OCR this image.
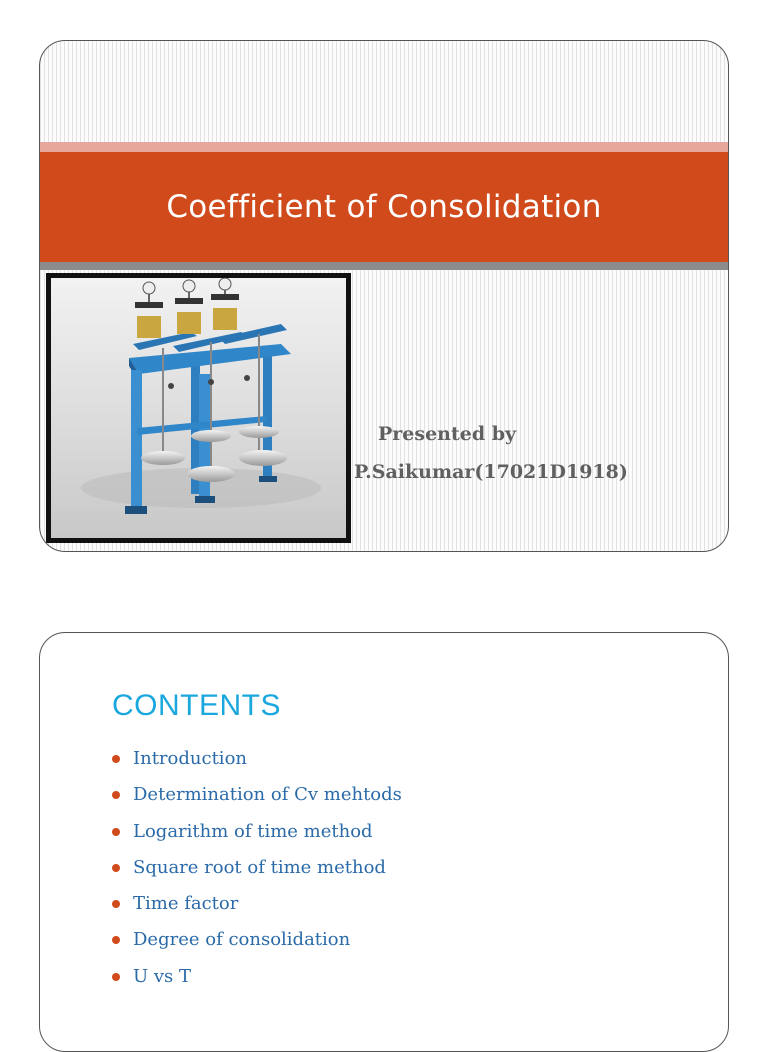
Coefficient of Consolidation
Presented by
P.Saikumar(17021D1918)
CONTENTS
Introduction
Determination of Cv mehtods
Logarithm of time method
Square root of time method
Time factor
Degree of consolidation
U vs T
